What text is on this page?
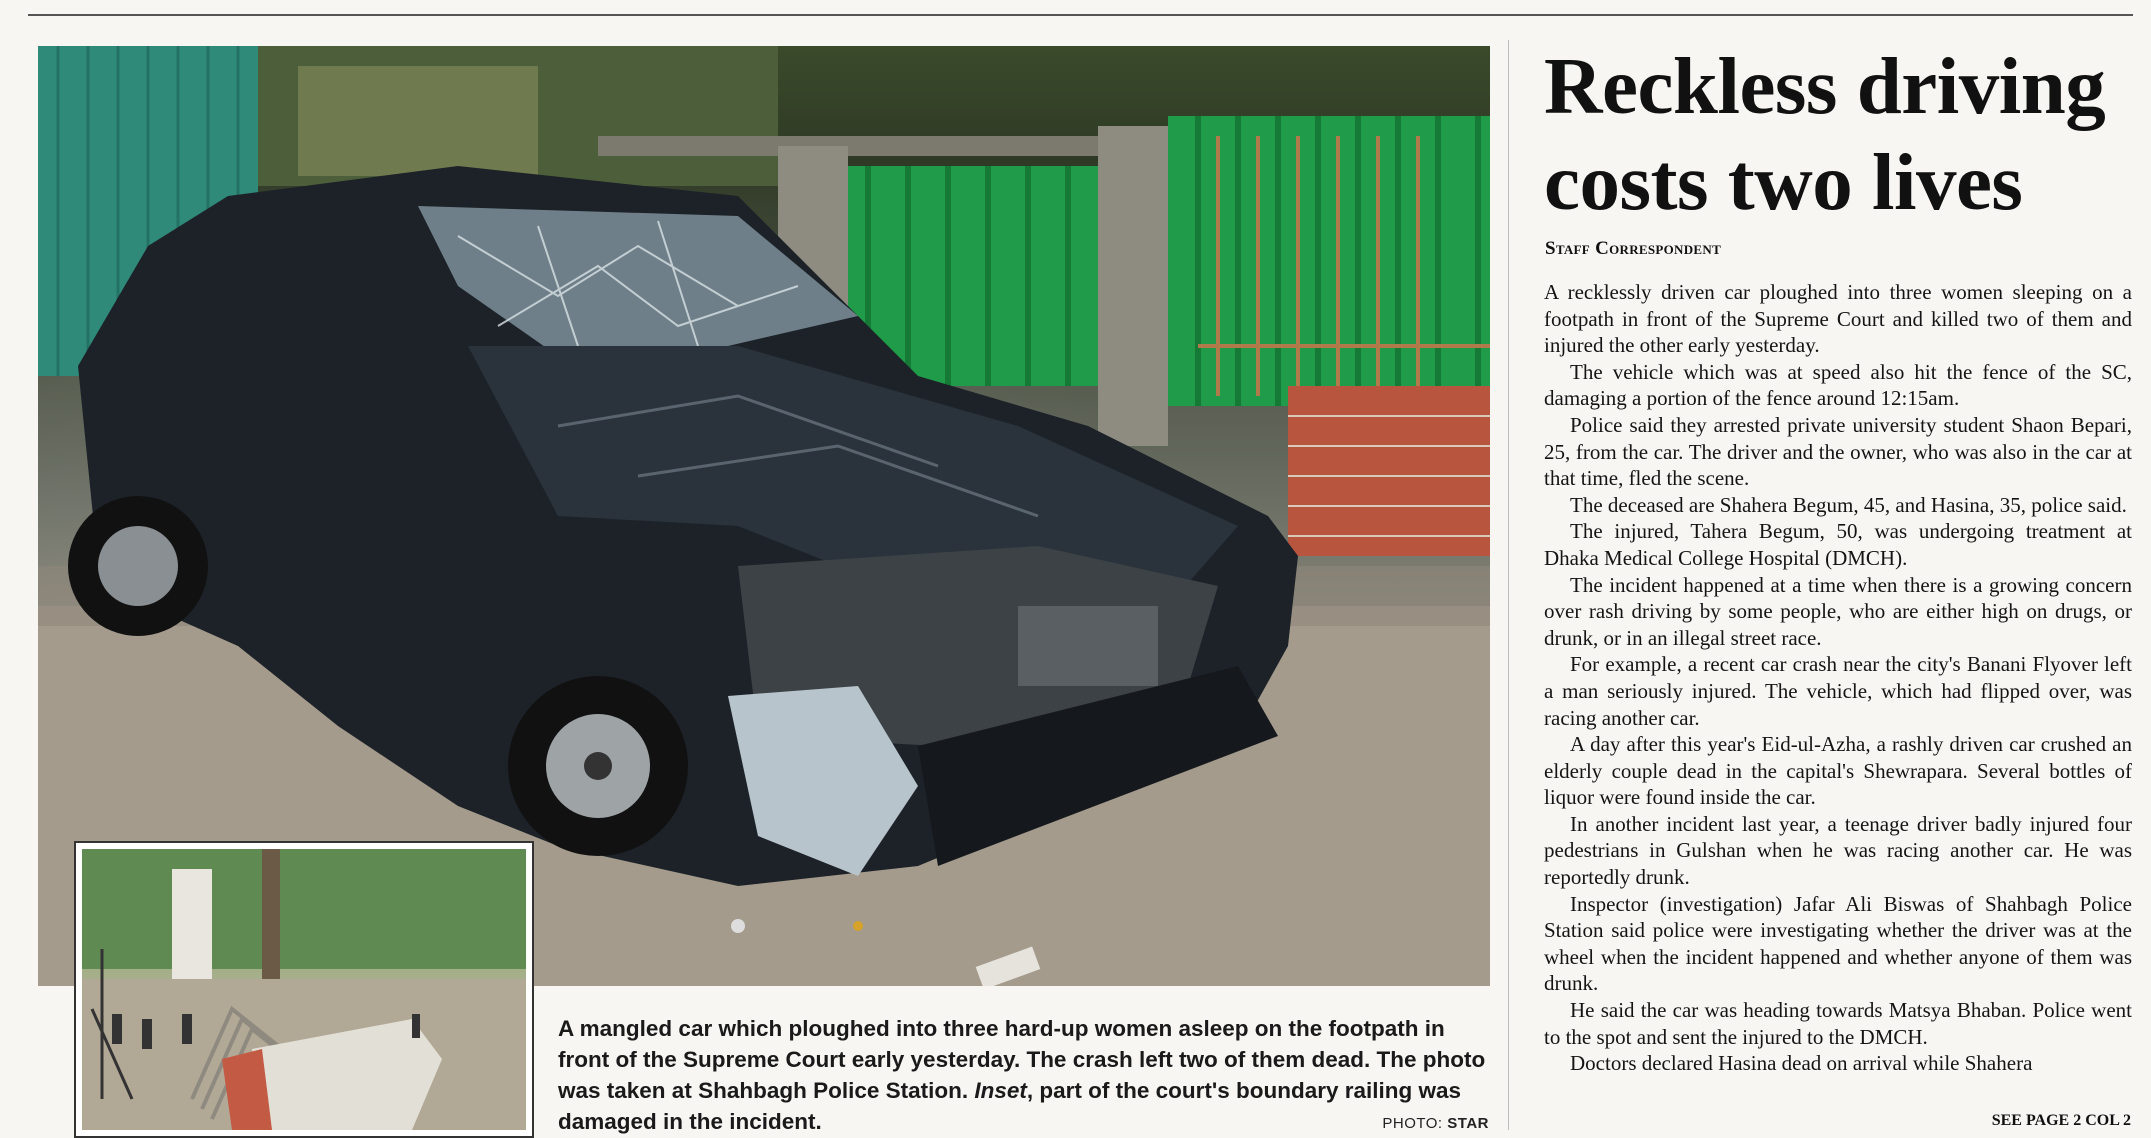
A mangled car which ploughed into three hard-up women asleep on the footpath in front of the Supreme Court early yesterday. The crash left two of them dead. The photo was taken at Shahbagh Police Station. Inset, part of the court's boundary railing was damaged in the incident.	PHOTO: STAR
Reckless driving costs two lives
Staff Correspondent

A recklessly driven car ploughed into three women sleeping on a footpath in front of the Supreme Court and killed two of them and injured the other early yesterday.

The vehicle which was at speed also hit the fence of the SC, damaging a portion of the fence around 12:15am.

Police said they arrested private university student Shaon Bepari, 25, from the car. The driver and the owner, who was also in the car at that time, fled the scene.

The deceased are Shahera Begum, 45, and Hasina, 35, police said.

The injured, Tahera Begum, 50, was undergoing treatment at Dhaka Medical College Hospital (DMCH).

The incident happened at a time when there is a growing concern over rash driving by some people, who are either high on drugs, or drunk, or in an illegal street race.

For example, a recent car crash near the city's Banani Flyover left a man seriously injured. The vehicle, which had flipped over, was racing another car.

A day after this year's Eid-ul-Azha, a rashly driven car crushed an elderly couple dead in the capital's Shewrapara. Several bottles of liquor were found inside the car.

In another incident last year, a teenage driver badly injured four pedestrians in Gulshan when he was racing another car. He was reportedly drunk.

Inspector (investigation) Jafar Ali Biswas of Shahbagh Police Station said police were investigating whether the driver was at the wheel when the incident happened and whether anyone of them was drunk.

He said the car was heading towards Matsya Bhaban. Police went to the spot and sent the injured to the DMCH.

Doctors declared Hasina dead on arrival while Shahera

SEE PAGE 2 COL 2
